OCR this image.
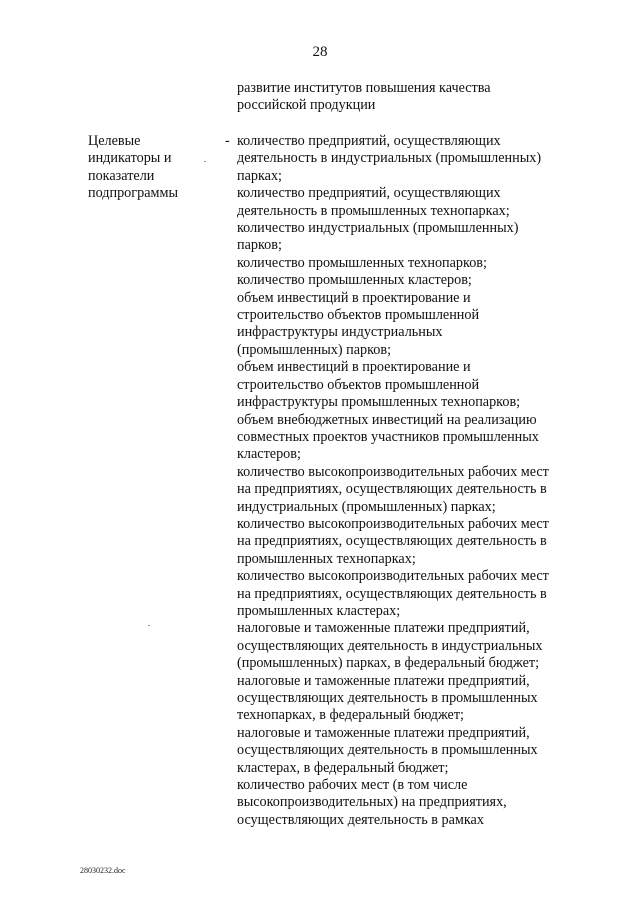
28
развитие институтов повышения качества
российской продукции
Целевые
индикаторы и
показатели
подпрограммы
- количество предприятий, осуществляющих
деятельность в индустриальных (промышленных)
парках;
количество предприятий, осуществляющих
деятельность в промышленных технопарках;
количество индустриальных (промышленных)
парков;
количество промышленных технопарков;
количество промышленных кластеров;
объем инвестиций в проектирование и
строительство объектов промышленной
инфраструктуры индустриальных
(промышленных) парков;
объем инвестиций в проектирование и
строительство объектов промышленной
инфраструктуры промышленных технопарков;
объем внебюджетных инвестиций на реализацию
совместных проектов участников промышленных
кластеров;
количество высокопроизводительных рабочих мест
на предприятиях, осуществляющих деятельность в
индустриальных (промышленных) парках;
количество высокопроизводительных рабочих мест
на предприятиях, осуществляющих деятельность в
промышленных технопарках;
количество высокопроизводительных рабочих мест
на предприятиях, осуществляющих деятельность в
промышленных кластерах;
налоговые и таможенные платежи предприятий,
осуществляющих деятельность в индустриальных
(промышленных) парках, в федеральный бюджет;
налоговые и таможенные платежи предприятий,
осуществляющих деятельность в промышленных
технопарках, в федеральный бюджет;
налоговые и таможенные платежи предприятий,
осуществляющих деятельность в промышленных
кластерах, в федеральный бюджет;
количество рабочих мест (в том числе
высокопроизводительных) на предприятиях,
осуществляющих деятельность в рамках
28030232.doc
